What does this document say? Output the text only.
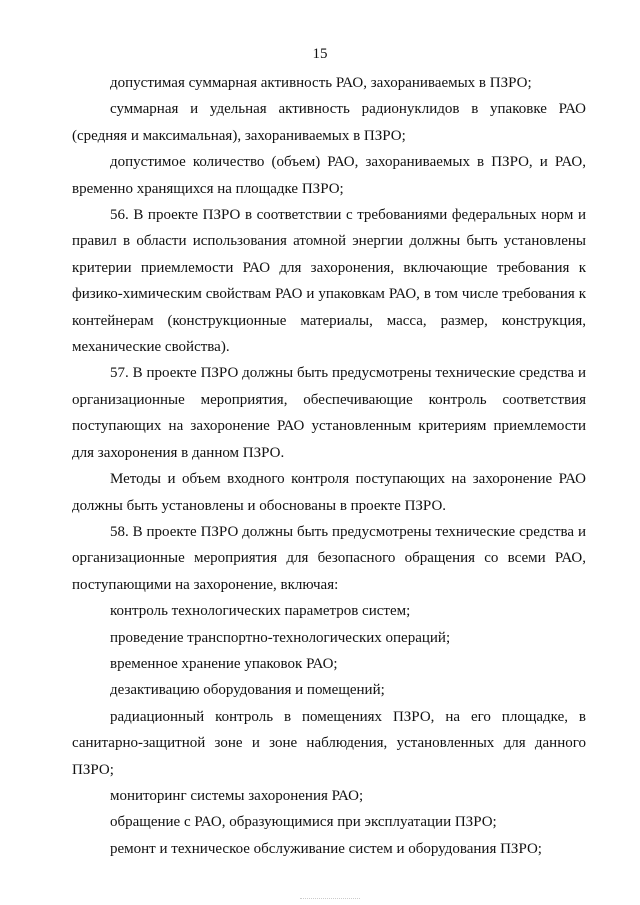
15

допустимая суммарная активность РАО, захораниваемых в ПЗРО;

суммарная и удельная активность радионуклидов в упаковке РАО (средняя и максимальная), захораниваемых в ПЗРО;

допустимое количество (объем) РАО, захораниваемых в ПЗРО, и РАО, временно хранящихся на площадке ПЗРО;

56. В проекте ПЗРО в соответствии с требованиями федеральных норм и правил в области использования атомной энергии должны быть установлены критерии приемлемости РАО для захоронения, включающие требования к физико-химическим свойствам РАО и упаковкам РАО, в том числе требования к контейнерам (конструкционные материалы, масса, размер, конструкция, механические свойства).

57. В проекте ПЗРО должны быть предусмотрены технические средства и организационные мероприятия, обеспечивающие контроль соответствия поступающих на захоронение РАО установленным критериям приемлемости для захоронения в данном ПЗРО.

Методы и объем входного контроля поступающих на захоронение РАО должны быть установлены и обоснованы в проекте ПЗРО.

58. В проекте ПЗРО должны быть предусмотрены технические средства и организационные мероприятия для безопасного обращения со всеми РАО, поступающими на захоронение, включая:

контроль технологических параметров систем;

проведение транспортно-технологических операций;

временное хранение упаковок РАО;

дезактивацию оборудования и помещений;

радиационный контроль в помещениях ПЗРО, на его площадке, в санитарно-защитной зоне и зоне наблюдения, установленных для данного ПЗРО;

мониторинг системы захоронения РАО;

обращение с РАО, образующимися при эксплуатации ПЗРО;

ремонт и техническое обслуживание систем и оборудования ПЗРО;
